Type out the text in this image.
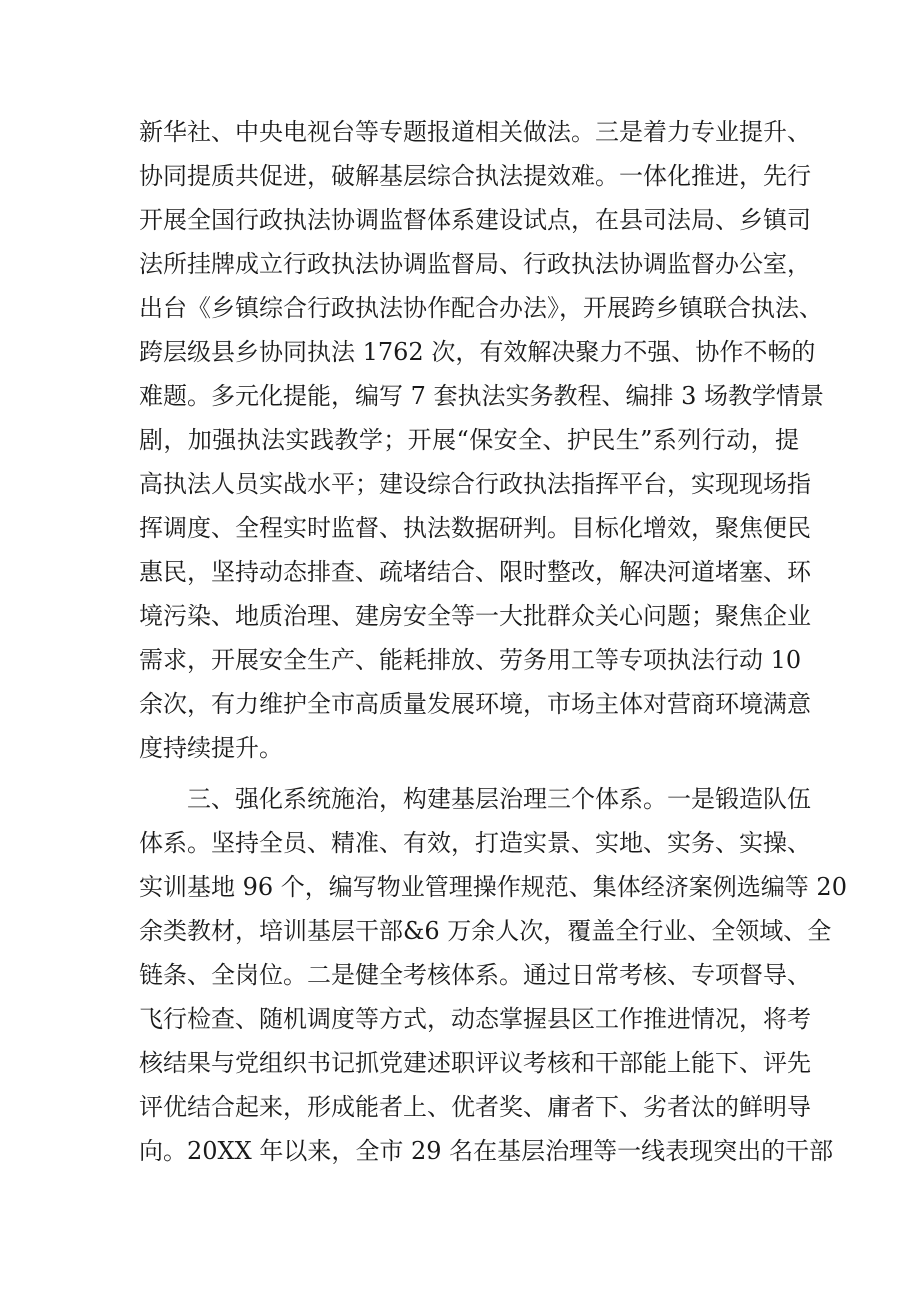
新华社、中央电视台等专题报道相关做法。三是着力专业提升、
协同提质共促进，破解基层综合执法提效难。一体化推进，先行
开展全国行政执法协调监督体系建设试点，在县司法局、乡镇司
法所挂牌成立行政执法协调监督局、行政执法协调监督办公室，
出台《乡镇综合行政执法协作配合办法》，开展跨乡镇联合执法、
跨层级县乡协同执法 1762 次，有效解决聚力不强、协作不畅的
难题。多元化提能，编写 7 套执法实务教程、编排 3 场教学情景
剧，加强执法实践教学；开展“保安全、护民生”系列行动，提
高执法人员实战水平；建设综合行政执法指挥平台，实现现场指
挥调度、全程实时监督、执法数据研判。目标化增效，聚焦便民
惠民，坚持动态排查、疏堵结合、限时整改，解决河道堵塞、环
境污染、地质治理、建房安全等一大批群众关心问题；聚焦企业
需求，开展安全生产、能耗排放、劳务用工等专项执法行动 10
余次，有力维护全市高质量发展环境，市场主体对营商环境满意
度持续提升。
三、强化系统施治，构建基层治理三个体系。一是锻造队伍
体系。坚持全员、精准、有效，打造实景、实地、实务、实操、
实训基地 96 个，编写物业管理操作规范、集体经济案例选编等 20
余类教材，培训基层干部&6 万余人次，覆盖全行业、全领域、全
链条、全岗位。二是健全考核体系。通过日常考核、专项督导、
飞行检查、随机调度等方式，动态掌握县区工作推进情况，将考
核结果与党组织书记抓党建述职评议考核和干部能上能下、评先
评优结合起来，形成能者上、优者奖、庸者下、劣者汰的鲜明导
向。20XX 年以来，全市 29 名在基层治理等一线表现突出的干部
